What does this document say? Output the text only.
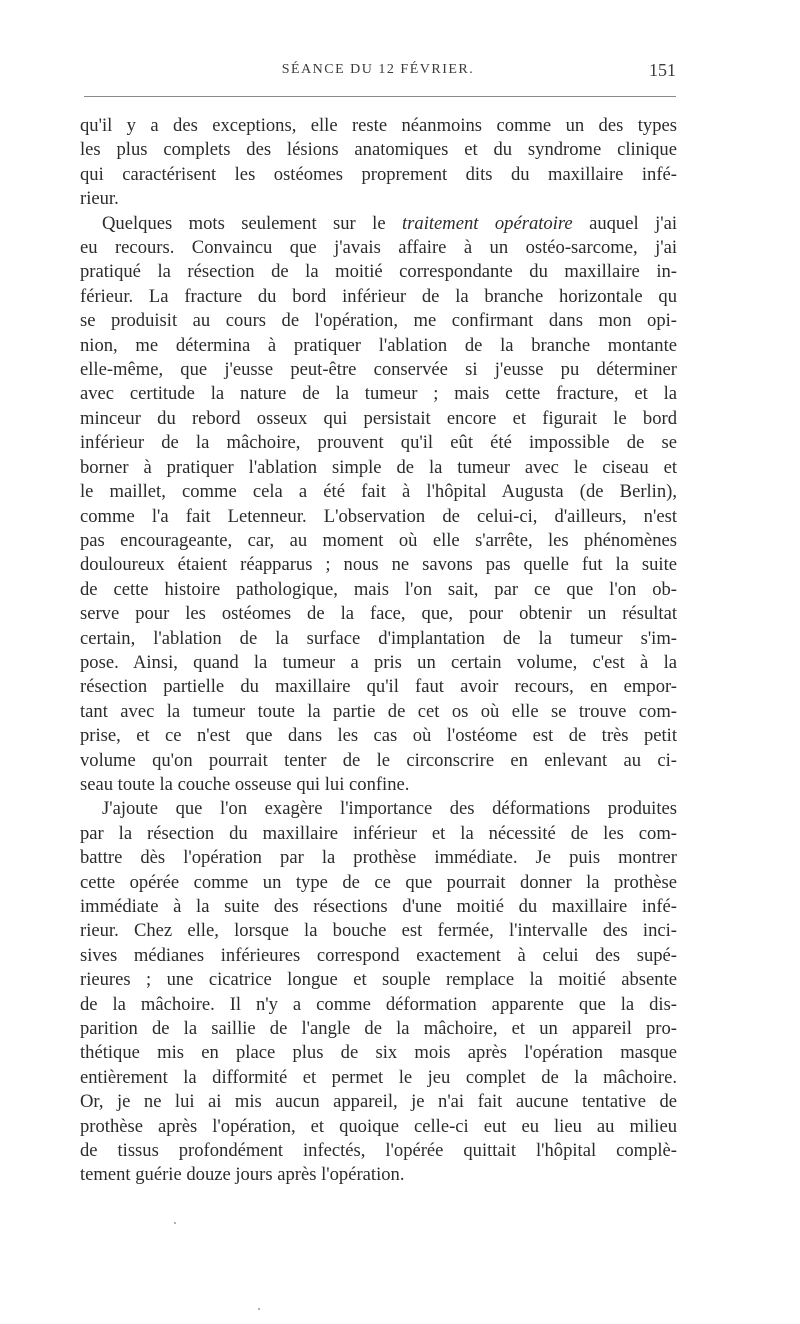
SÉANCE DU 12 FÉVRIER.	151

qu'il y a des exceptions, elle reste néanmoins comme un des types

les plus complets des lésions anatomiques et du syndrome clinique

qui caractérisent les ostéomes proprement dits du maxillaire infé-

rieur.

Quelques mots seulement sur le traitement opératoire auquel j'ai

eu recours. Convaincu que j'avais affaire à un ostéo-sarcome, j'ai

pratiqué la résection de la moitié correspondante du maxillaire in-

férieur. La fracture du bord inférieur de la branche horizontale qu

se produisit au cours de l'opération, me confirmant dans mon opi-

nion, me détermina à pratiquer l'ablation de la branche montante

elle-même, que j'eusse peut-être conservée si j'eusse pu déterminer

avec certitude la nature de la tumeur ; mais cette fracture, et la

minceur du rebord osseux qui persistait encore et figurait le bord

inférieur de la mâchoire, prouvent qu'il eût été impossible de se

borner à pratiquer l'ablation simple de la tumeur avec le ciseau et

le maillet, comme cela a été fait à l'hôpital Augusta (de Berlin),

comme l'a fait Letenneur. L'observation de celui-ci, d'ailleurs, n'est

pas encourageante, car, au moment où elle s'arrête, les phénomènes

douloureux étaient réapparus ; nous ne savons pas quelle fut la suite

de cette histoire pathologique, mais l'on sait, par ce que l'on ob-

serve pour les ostéomes de la face, que, pour obtenir un résultat

certain, l'ablation de la surface d'implantation de la tumeur s'im-

pose. Ainsi, quand la tumeur a pris un certain volume, c'est à la

résection partielle du maxillaire qu'il faut avoir recours, en empor-

tant avec la tumeur toute la partie de cet os où elle se trouve com-

prise, et ce n'est que dans les cas où l'ostéome est de très petit

volume qu'on pourrait tenter de le circonscrire en enlevant au ci-

seau toute la couche osseuse qui lui confine.

J'ajoute que l'on exagère l'importance des déformations produites

par la résection du maxillaire inférieur et la nécessité de les com-

battre dès l'opération par la prothèse immédiate. Je puis montrer

cette opérée comme un type de ce que pourrait donner la prothèse

immédiate à la suite des résections d'une moitié du maxillaire infé-

rieur. Chez elle, lorsque la bouche est fermée, l'intervalle des inci-

sives médianes inférieures correspond exactement à celui des supé-

rieures ; une cicatrice longue et souple remplace la moitié absente

de la mâchoire. Il n'y a comme déformation apparente que la dis-

parition de la saillie de l'angle de la mâchoire, et un appareil pro-

thétique mis en place plus de six mois après l'opération masque

entièrement la difformité et permet le jeu complet de la mâchoire.

Or, je ne lui ai mis aucun appareil, je n'ai fait aucune tentative de

prothèse après l'opération, et quoique celle-ci eut eu lieu au milieu

de tissus profondément infectés, l'opérée quittait l'hôpital complè-

tement guérie douze jours après l'opération.
